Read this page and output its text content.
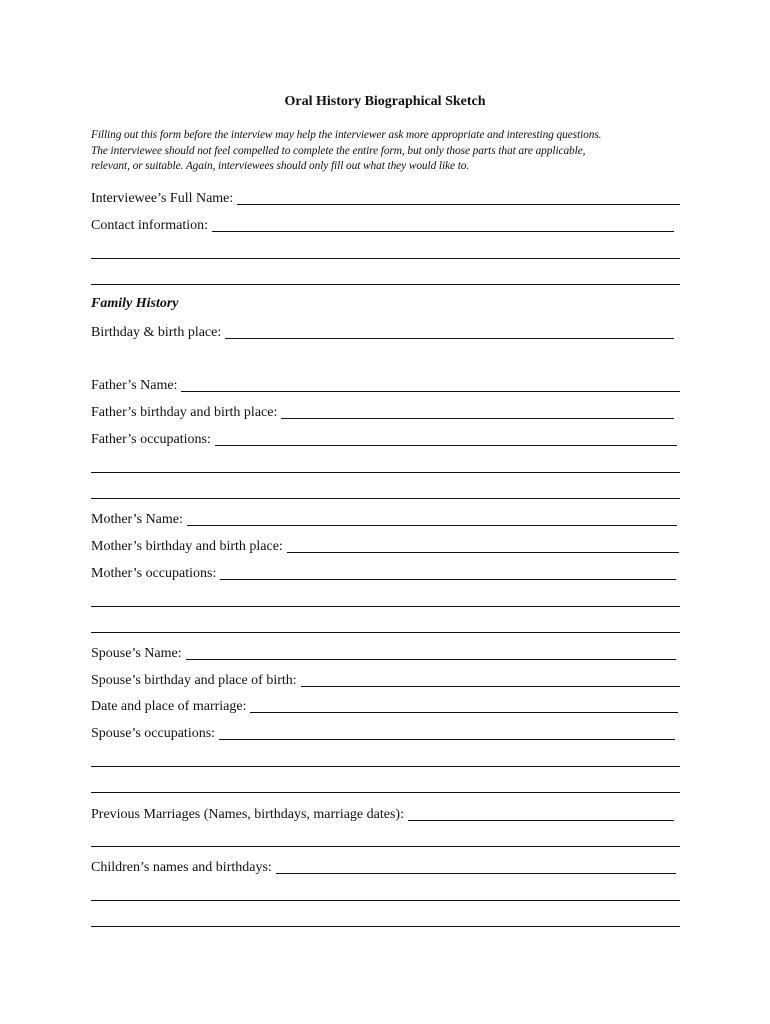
Oral History Biographical Sketch
Filling out this form before the interview may help the interviewer ask more appropriate and interesting questions.
The interviewee should not feel compelled to complete the entire form, but only those parts that are applicable,
relevant, or suitable. Again, interviewees should only fill out what they would like to.
Interviewee’s Full Name:
Contact information:
Family History
Birthday & birth place:
Father’s Name:
Father’s birthday and birth place:
Father’s occupations:
Mother’s Name:
Mother’s birthday and birth place:
Mother’s occupations:
Spouse’s Name:
Spouse’s birthday and place of birth:
Date and place of marriage:
Spouse’s occupations:
Previous Marriages (Names, birthdays, marriage dates):
Children’s names and birthdays:
